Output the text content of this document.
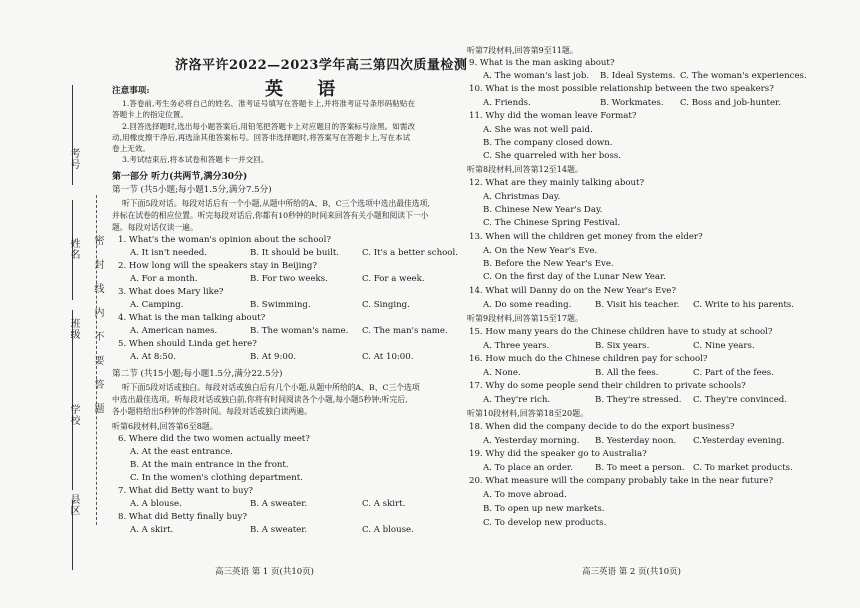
考号
姓名
班级
学校
县区
密封线内不要答题
济洛平许2022—2023学年高三第四次质量检测
英 语
注意事项:
1.答卷前,考生务必将自己的姓名、准考证号填写在答题卡上,并将准考证号条形码粘贴在
答题卡上的指定位置。
2.回答选择题时,选出每小题答案后,用铅笔把答题卡上对应题目的答案标号涂黑。如需改
动,用橡皮擦干净后,再选涂其他答案标号。回答非选择题时,将答案写在答题卡上,写在本试
卷上无效。
3.考试结束后,将本试卷和答题卡一并交回。
第一部分 听力(共两节,满分30分)
第一节 (共5小题;每小题1.5分,满分7.5分)
听下面5段对话。每段对话后有一个小题,从题中所给的A、B、C三个选项中选出最佳选项,
并标在试卷的相应位置。听完每段对话后,你都有10秒钟的时间来回答有关小题和阅读下一小
题。每段对话仅读一遍。
1. What's the woman's opinion about the school?
A. It isn't needed.	B. It should be built.	C. It's a better school.
2. How long will the speakers stay in Beijing?
A. For a month.	B. For two weeks.	C. For a week.
3. What does Mary like?
A. Camping.	B. Swimming.	C. Singing.
4. What is the man talking about?
A. American names.	B. The woman's name. C. The man's name.
5. When should Linda get here?
A. At 8:50.	B. At 9:00.	C. At 10:00.
第二节 (共15小题;每小题1.5分,满分22.5分)
听下面5段对话或独白。每段对话或独白后有几个小题,从题中所给的A、B、C三个选项
中选出最佳选项。听每段对话或独白前,你将有时间阅读各个小题,每小题5秒钟;听完后,
各小题将给出5秒钟的作答时间。每段对话或独白读两遍。
听第6段材料,回答第6至8题。
6. Where did the two women actually meet?
A. At the east entrance.
B. At the main entrance in the front.
C. In the women's clothing department.
7. What did Betty want to buy?
A. A blouse.	B. A sweater.	C. A skirt.
8. What did Betty finally buy?
A. A skirt.	B. A sweater.	C. A blouse.
听第7段材料,回答第9至11题。
9. What is the man asking about?
A. The woman's last job. B. Ideal Systems. C. The woman's experiences.
10. What is the most possible relationship between the two speakers?
A. Friends.	B. Workmates. C. Boss and job-hunter.
11. Why did the woman leave Format?
A. She was not well paid.
B. The company closed down.
C. She quarreled with her boss.
听第8段材料,回答第12至14题。
12. What are they mainly talking about?
A. Christmas Day.
B. Chinese New Year's Day.
C. The Chinese Spring Festival.
13. When will the children get money from the elder?
A. On the New Year's Eve.
B. Before the New Year's Eve.
C. On the first day of the Lunar New Year.
14. What will Danny do on the New Year's Eve?
A. Do some reading.	B. Visit his teacher. C. Write to his parents.
听第9段材料,回答第15至17题。
15. How many years do the Chinese children have to study at school?
A. Three years.	B. Six years.	C. Nine years.
16. How much do the Chinese children pay for school?
A. None.	B. All the fees.	C. Part of the fees.
17. Why do some people send their children to private schools?
A. They're rich.	B. They're stressed. C. They're convinced.
听第10段材料,回答第18至20题。
18. When did the company decide to do the export business?
A. Yesterday morning. B. Yesterday noon. C.Yesterday evening.
19. Why did the speaker go to Australia?
A. To place an order.	B. To meet a person. C. To market products.
20. What measure will the company probably take in the near future?
A. To move abroad.
B. To open up new markets.
C. To develop new products.
高三英语 第 1 页(共10页)	高三英语 第 2 页(共10页)
